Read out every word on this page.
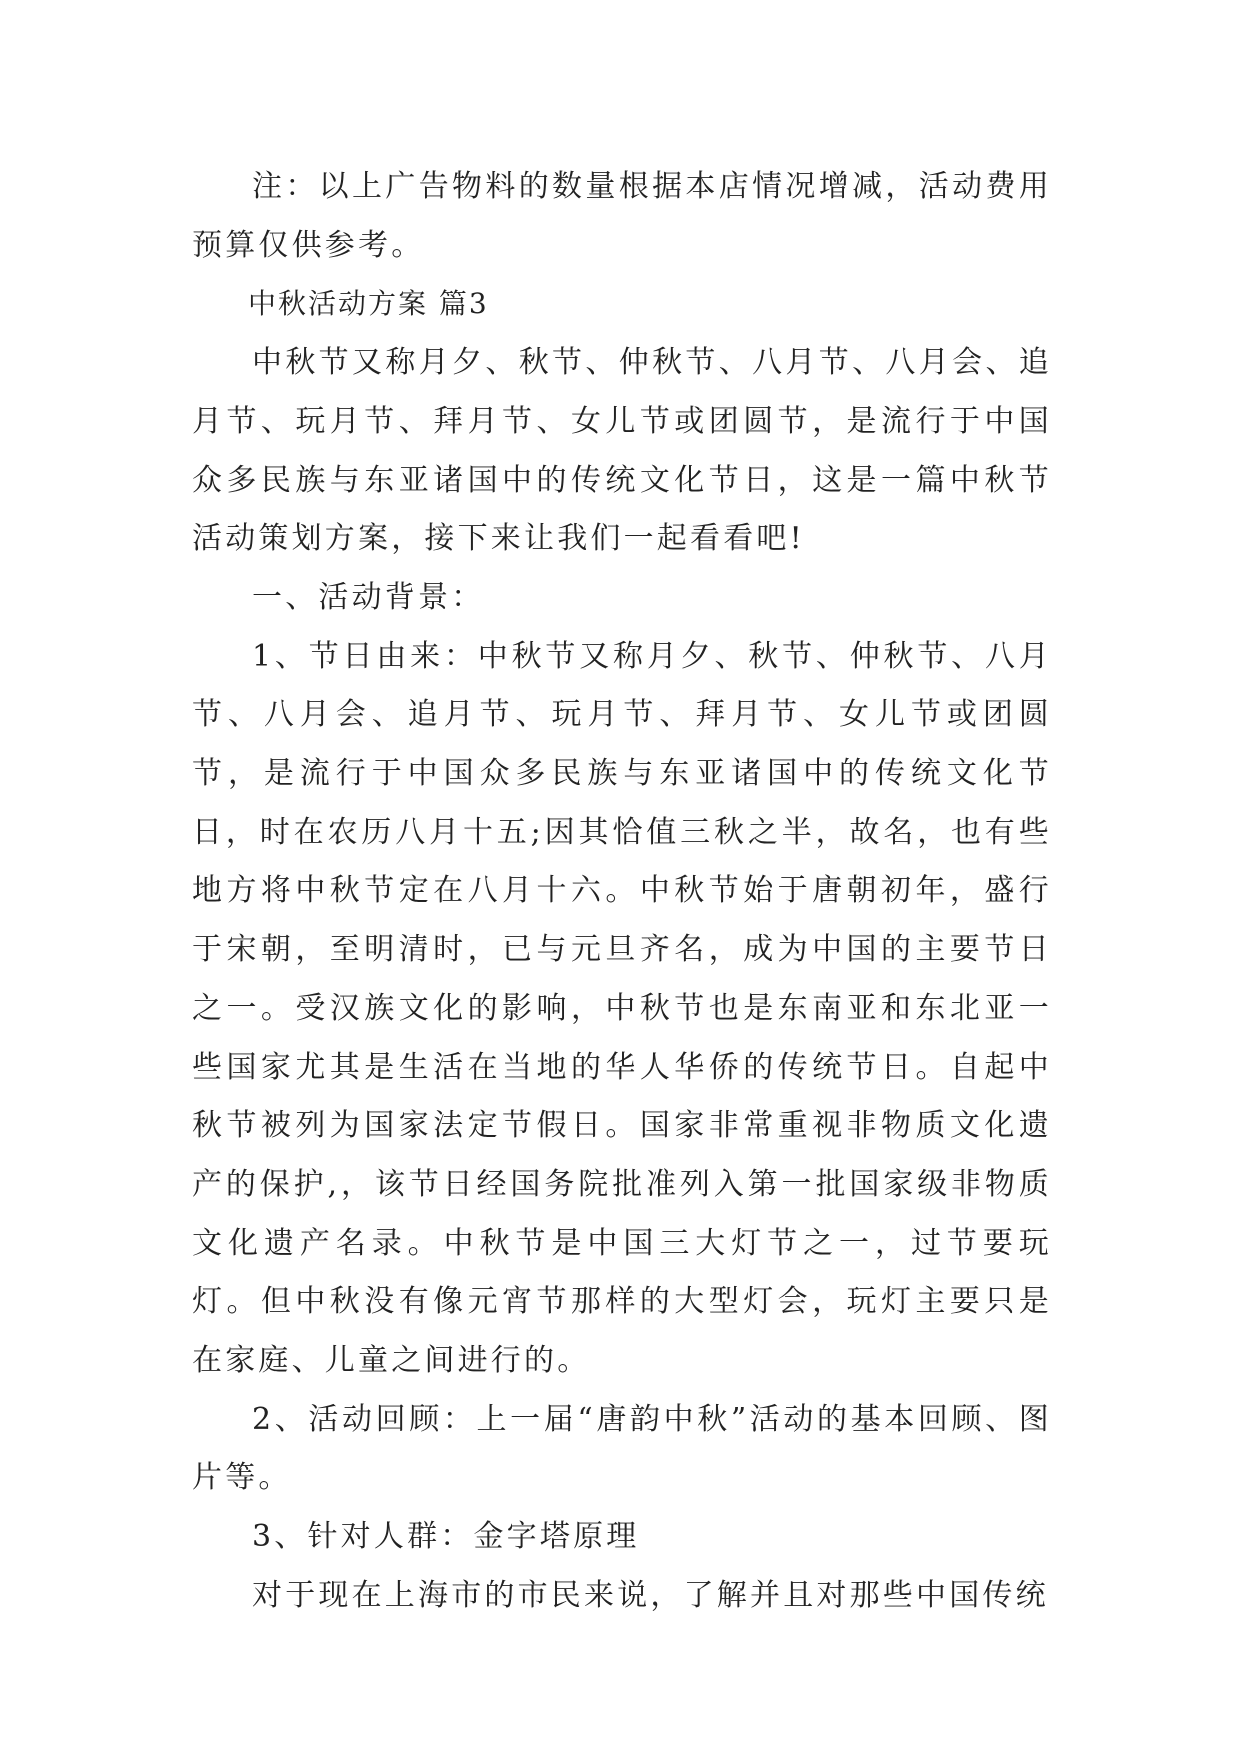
注：以上广告物料的数量根据本店情况增减，活动费用预算仅供参考。

中秋活动方案 篇3

中秋节又称月夕、秋节、仲秋节、八月节、八月会、追月节、玩月节、拜月节、女儿节或团圆节，是流行于中国众多民族与东亚诸国中的传统文化节日，这是一篇中秋节活动策划方案，接下来让我们一起看看吧!

一、活动背景：

1、节日由来：中秋节又称月夕、秋节、仲秋节、八月节、八月会、追月节、玩月节、拜月节、女儿节或团圆节，是流行于中国众多民族与东亚诸国中的传统文化节日，时在农历八月十五;因其恰值三秋之半，故名，也有些地方将中秋节定在八月十六。中秋节始于唐朝初年，盛行于宋朝，至明清时，已与元旦齐名，成为中国的主要节日之一。受汉族文化的影响，中秋节也是东南亚和东北亚一些国家尤其是生活在当地的华人华侨的传统节日。自起中秋节被列为国家法定节假日。国家非常重视非物质文化遗产的保护,，该节日经国务院批准列入第一批国家级非物质文化遗产名录。中秋节是中国三大灯节之一，过节要玩灯。但中秋没有像元宵节那样的大型灯会，玩灯主要只是在家庭、儿童之间进行的。

2、活动回顾：上一届“唐韵中秋”活动的基本回顾、图片等。

3、针对人群：金字塔原理

对于现在上海市的市民来说，了解并且对那些中国传统
